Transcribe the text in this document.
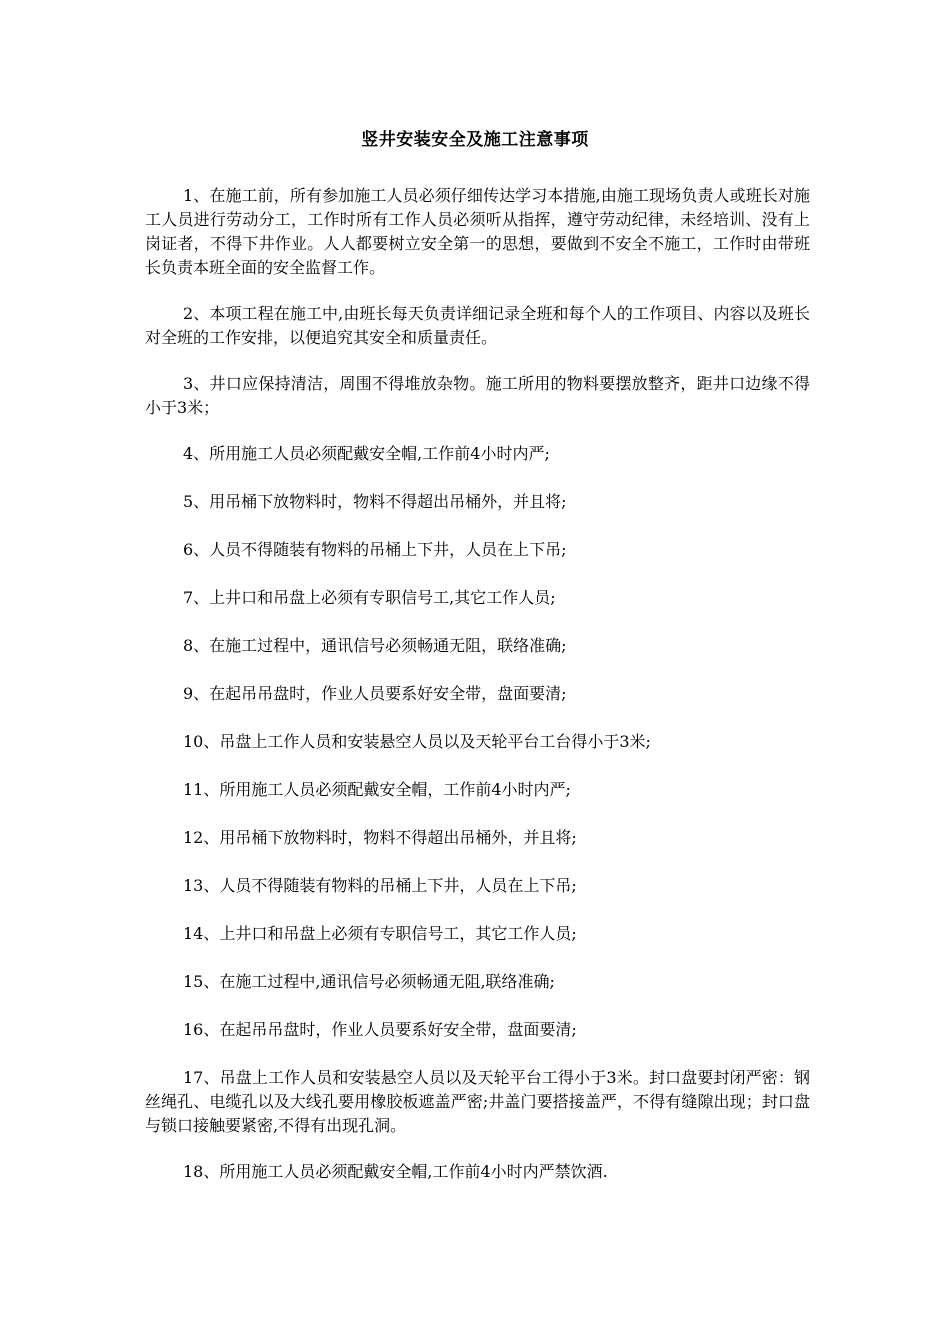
竖井安装安全及施工注意事项

1、在施工前，所有参加施工人员必须仔细传达学习本措施,由施工现场负责人或班长对施工人员进行劳动分工，工作时所有工作人员必须听从指挥，遵守劳动纪律，未经培训、没有上岗证者，不得下井作业。人人都要树立安全第一的思想，要做到不安全不施工，工作时由带班长负责本班全面的安全监督工作。

2、本项工程在施工中,由班长每天负责详细记录全班和每个人的工作项目、内容以及班长对全班的工作安排，以便追究其安全和质量责任。

3、井口应保持清洁，周围不得堆放杂物。施工所用的物料要摆放整齐，距井口边缘不得小于3米；

4、所用施工人员必须配戴安全帽,工作前4小时内严;

5、用吊桶下放物料时，物料不得超出吊桶外，并且将;

6、人员不得随装有物料的吊桶上下井，人员在上下吊;

7、上井口和吊盘上必须有专职信号工,其它工作人员;

8、在施工过程中，通讯信号必须畅通无阻，联络准确;

9、在起吊吊盘时，作业人员要系好安全带，盘面要清;

10、吊盘上工作人员和安装悬空人员以及天轮平台工台得小于3米;

11、所用施工人员必须配戴安全帽，工作前4小时内严;

12、用吊桶下放物料时，物料不得超出吊桶外，并且将;

13、人员不得随装有物料的吊桶上下井，人员在上下吊;

14、上井口和吊盘上必须有专职信号工，其它工作人员;

15、在施工过程中,通讯信号必须畅通无阻,联络准确;

16、在起吊吊盘时，作业人员要系好安全带，盘面要清;

17、吊盘上工作人员和安装悬空人员以及天轮平台工得小于3米。封口盘要封闭严密：钢丝绳孔、电缆孔以及大线孔要用橡胶板遮盖严密;井盖门要搭接盖严，不得有缝隙出现；封口盘与锁口接触要紧密,不得有出现孔洞。

18、所用施工人员必须配戴安全帽,工作前4小时内严禁饮酒.
